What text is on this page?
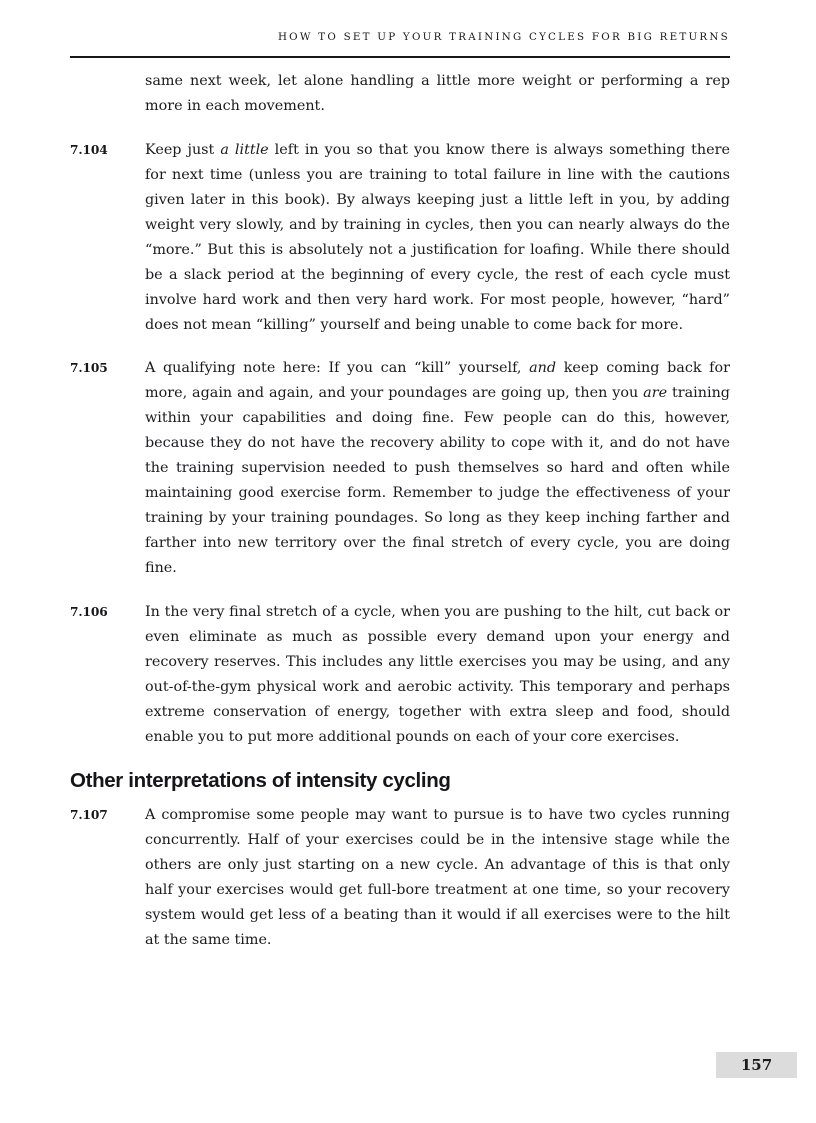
HOW TO SET UP YOUR TRAINING CYCLES FOR BIG RETURNS
same next week, let alone handling a little more weight or performing a rep more in each movement.
7.104	Keep just a little left in you so that you know there is always something there for next time (unless you are training to total failure in line with the cautions given later in this book). By always keeping just a little left in you, by adding weight very slowly, and by training in cycles, then you can nearly always do the “more.” But this is absolutely not a justification for loafing. While there should be a slack period at the beginning of every cycle, the rest of each cycle must involve hard work and then very hard work. For most people, however, “hard” does not mean “killing” yourself and being unable to come back for more.
7.105	A qualifying note here: If you can “kill” yourself, and keep coming back for more, again and again, and your poundages are going up, then you are training within your capabilities and doing fine. Few people can do this, however, because they do not have the recovery ability to cope with it, and do not have the training supervision needed to push themselves so hard and often while maintaining good exercise form. Remember to judge the effectiveness of your training by your training poundages. So long as they keep inching farther and farther into new territory over the final stretch of every cycle, you are doing fine.
7.106	In the very final stretch of a cycle, when you are pushing to the hilt, cut back or even eliminate as much as possible every demand upon your energy and recovery reserves. This includes any little exercises you may be using, and any out-of-the-gym physical work and aerobic activity. This temporary and perhaps extreme conservation of energy, together with extra sleep and food, should enable you to put more additional pounds on each of your core exercises.
Other interpretations of intensity cycling
7.107	A compromise some people may want to pursue is to have two cycles running concurrently. Half of your exercises could be in the intensive stage while the others are only just starting on a new cycle. An advantage of this is that only half your exercises would get full-bore treatment at one time, so your recovery system would get less of a beating than it would if all exercises were to the hilt at the same time.
157
